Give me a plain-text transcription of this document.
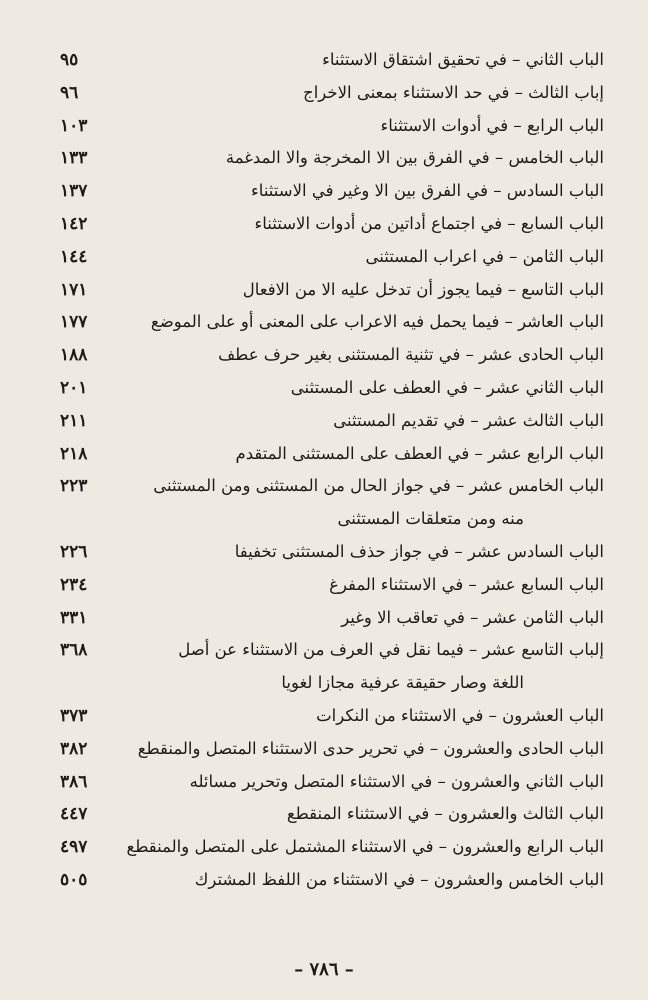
الباب الثاني – في تحقيق اشتقاق الاستثناء
٩٥
إباب الثالث – في حد الاستثناء بمعنى الاخراج
٩٦
الباب الرابع – في أدوات الاستثناء
١٠٣
الباب الخامس – في الفرق بين الا المخرجة والا المدغمة
١٣٣
الباب السادس – في الفرق بين الا وغير في الاستثناء
١٣٧
الباب السابع – في اجتماع أداتين من أدوات الاستثناء
١٤٢
الباب الثامن – في اعراب المستثنى
١٤٤
الباب التاسع – فيما يجوز أن تدخل عليه الا من الافعال
١٧١
الباب العاشر – فيما يحمل فيه الاعراب على المعنى أو على الموضع
١٧٧
الباب الحادى عشر – في تثنية المستثنى بغير حرف عطف
١٨٨
الباب الثاني عشر – في العطف على المستثنى
٢٠١
الباب الثالث عشر – في تقديم المستثنى
٢١١
الباب الرابع عشر – في العطف على المستثنى المتقدم
٢١٨
الباب الخامس عشر – في جواز الحال من المستثنى ومن المستثنى
٢٢٣
منه ومن متعلقات المستثنى
الباب السادس عشر – في جواز حذف المستثنى تخفيفا
٢٢٦
الباب السابع عشر – في الاستثناء المفرغ
٢٣٤
الباب الثامن عشر – في تعاقب الا وغير
٣٣١
إلباب التاسع عشر – فيما نقل في العرف من الاستثناء عن أصل
٣٦٨
اللغة وصار حقيقة عرفية مجازا لغويا
الباب العشرون – في الاستثناء من النكرات
٣٧٣
الباب الحادى والعشرون – في تحرير حدى الاستثناء المتصل والمنقطع
٣٨٢
الباب الثاني والعشرون – في الاستثناء المتصل وتحرير مسائله
٣٨٦
الباب الثالث والعشرون – في الاستثناء المنقطع
٤٤٧
الباب الرابع والعشرون – في الاستثناء المشتمل على المتصل والمنقطع
٤٩٧
الباب الخامس والعشرون – في الاستثناء من اللفظ المشترك
٥٠٥
– ٧٨٦ –
